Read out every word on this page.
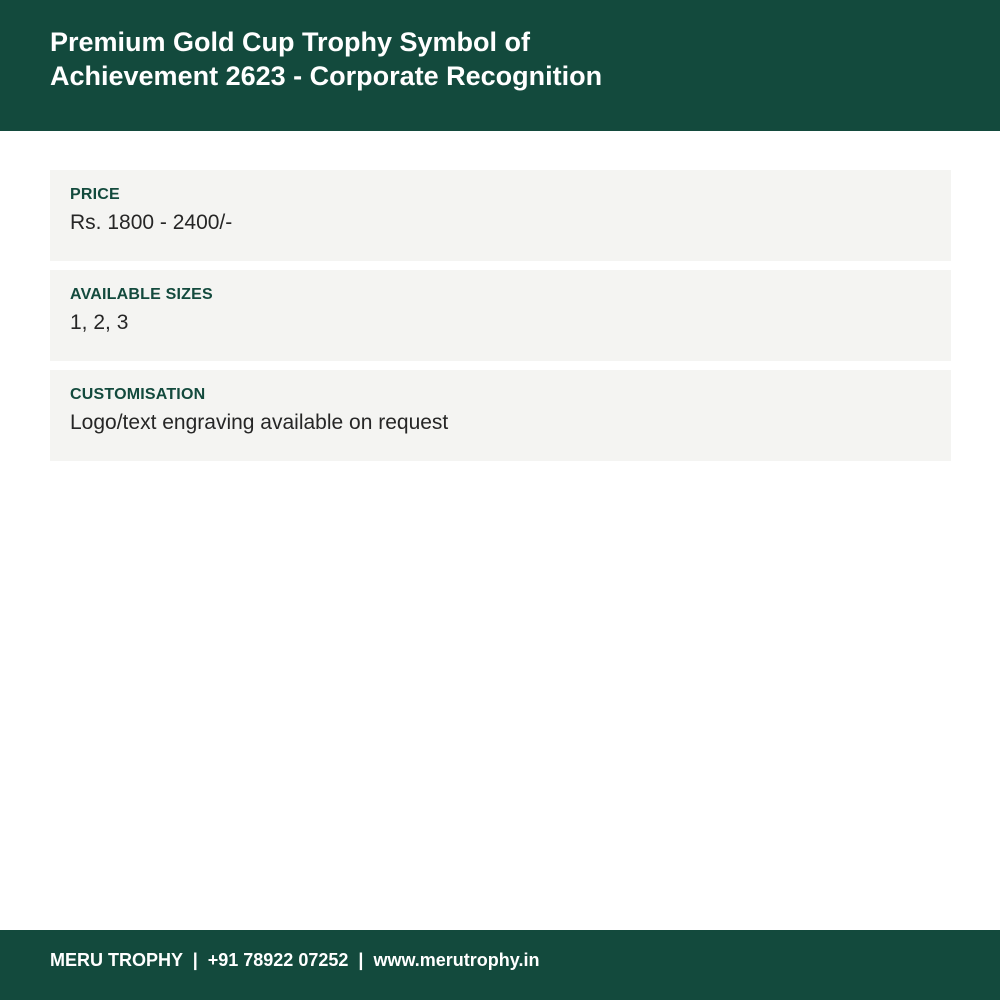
Premium Gold Cup Trophy Symbol of
Achievement 2623 - Corporate Recognition
PRICE
Rs. 1800 - 2400/-
AVAILABLE SIZES
1, 2, 3
CUSTOMISATION
Logo/text engraving available on request
MERU TROPHY  |  +91 78922 07252  |  www.merutrophy.in
